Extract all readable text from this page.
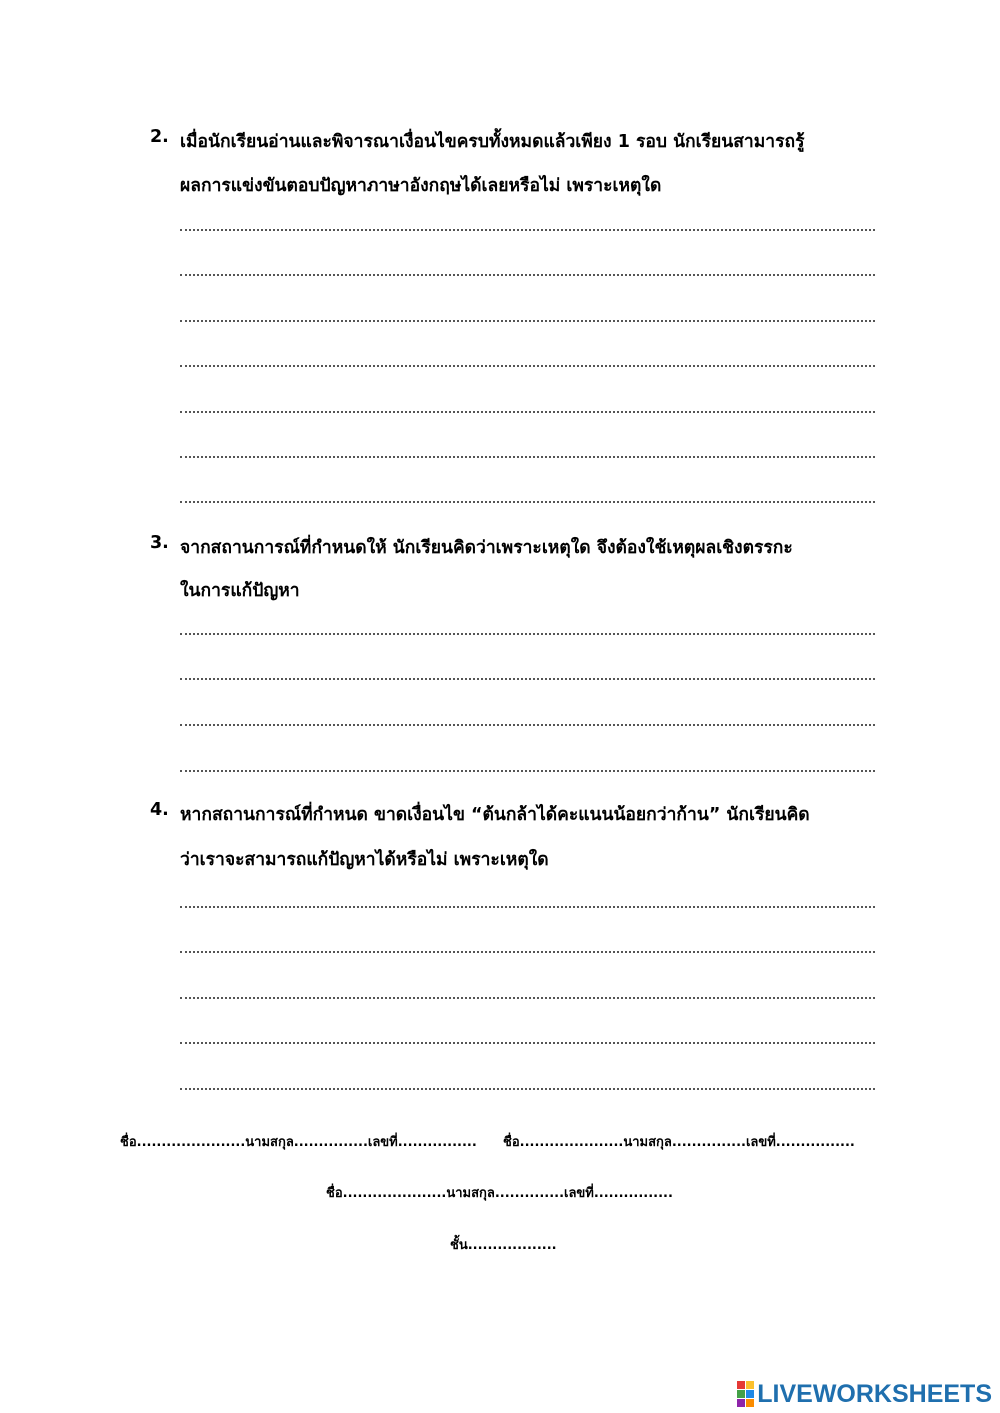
2. เมื่อนักเรียนอ่านและพิจารณาเงื่อนไขครบทั้งหมดแล้วเพียง 1 รอบ นักเรียนสามารถรู้
ผลการแข่งขันตอบปัญหาภาษาอังกฤษได้เลยหรือไม่ เพราะเหตุใด
3. จากสถานการณ์ที่กำหนดให้ นักเรียนคิดว่าเพราะเหตุใด จึงต้องใช้เหตุผลเชิงตรรกะ
ในการแก้ปัญหา
4. หากสถานการณ์ที่กำหนด ขาดเงื่อนไข “ต้นกล้าได้คะแนนน้อยกว่าก้าน” นักเรียนคิด
ว่าเราจะสามารถแก้ปัญหาได้หรือไม่ เพราะเหตุใด
ชื่อ......................นามสกุล...............เลขที่................ ชื่อ.....................นามสกุล...............เลขที่................
ชื่อ.....................นามสกุล..............เลขที่................
ชั้น..................
LIVEWORKSHEETS
